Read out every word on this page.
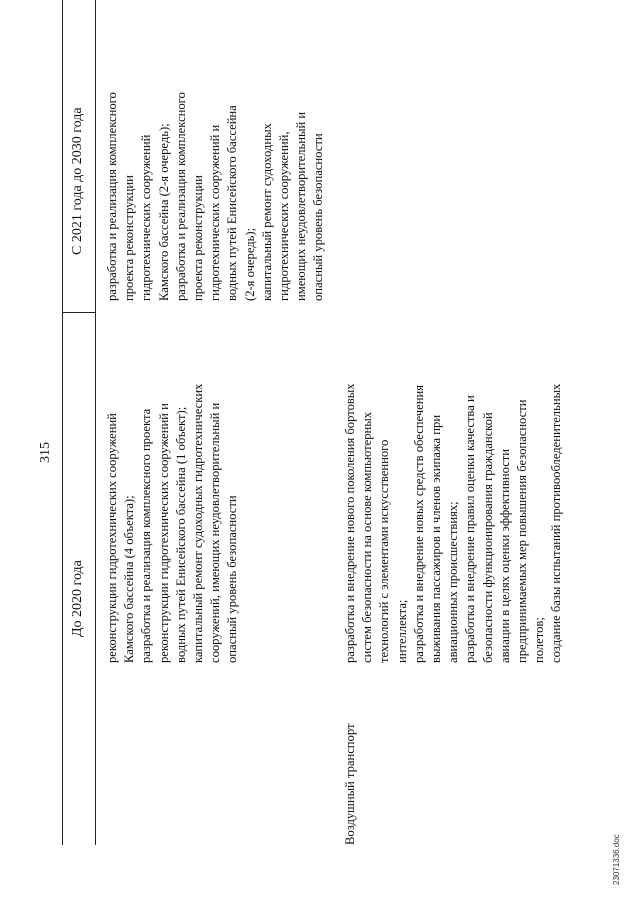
315
До 2020 года
С 2021 года до 2030 года
реконструкции гидротехнических сооружений Камского бассейна (4 объекта); разработка и реализация комплексного проекта реконструкции гидротехнических сооружений и водных путей Енисейского бассейна (1 объект); капитальный ремонт судоходных гидротехнических сооружений, имеющих неудовлетворительный и опасный уровень безопасности
разработка и реализация комплексного проекта реконструкции гидротехнических сооружений Камского бассейна (2-я очередь); разработка и реализация комплексного проекта реконструкции гидротехнических сооружений и водных путей Енисейского бассейна (2-я очередь); капитальный ремонт судоходных гидротехнических сооружений, имеющих неудовлетворительный и опасный уровень безопасности
Воздушный транспорт
разработка и внедрение нового поколения бортовых систем безопасности на основе компьютерных технологий с элементами искусственного интеллекта; разработка и внедрение новых средств обеспечения выживания пассажиров и членов экипажа при авиационных происшествиях; разработка и внедрение правил оценки качества и безопасности функционирования гражданской авиации в целях оценки эффективности предпринимаемых мер повышения безопасности полетов; создание базы испытаний противообледенительных
23071336.doc
